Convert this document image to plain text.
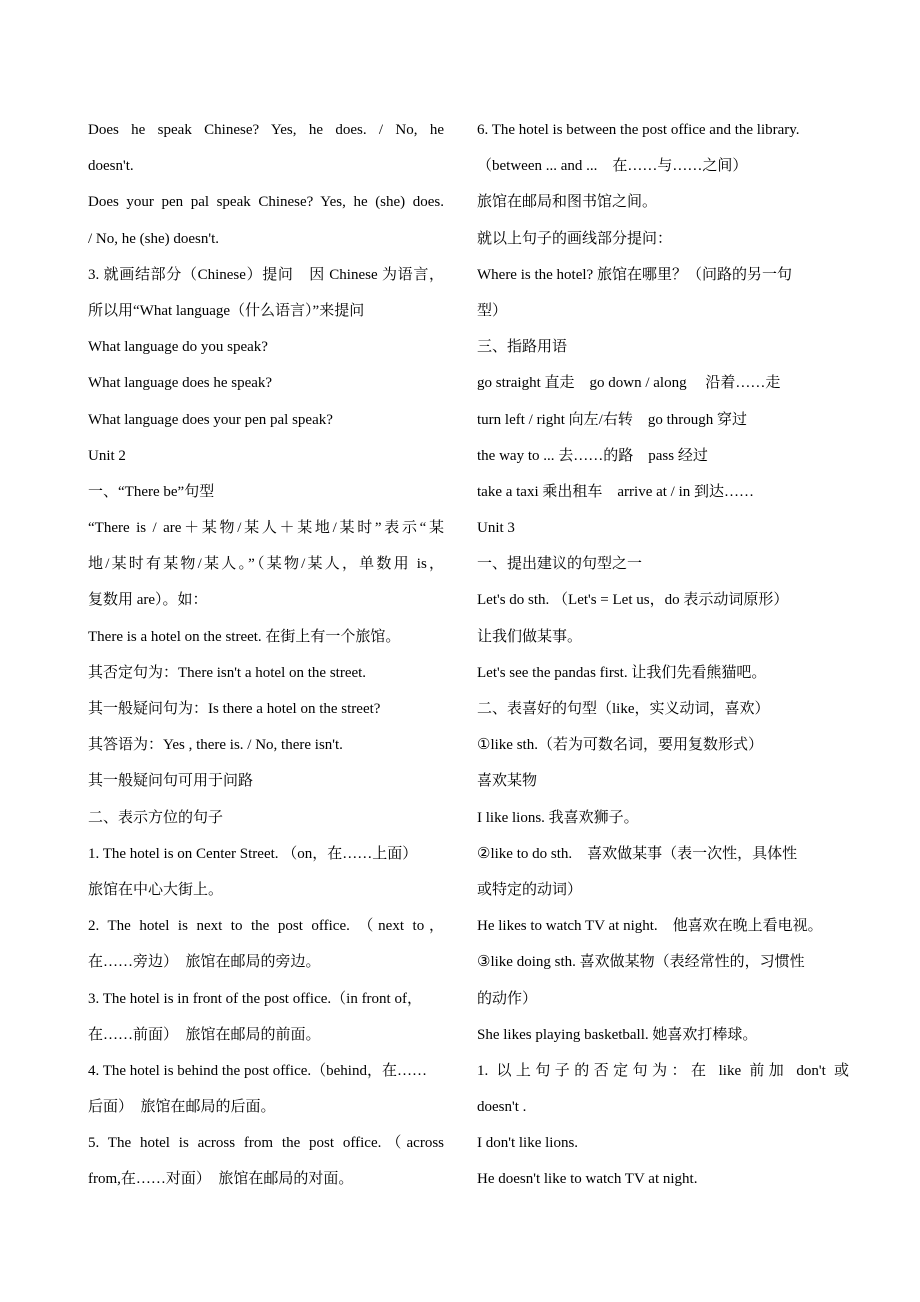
Does he speak Chinese? Yes, he does. / No, he
doesn't.
Does your pen pal speak Chinese? Yes, he (she) does.
/ No, he (she) doesn't.
3. 就画结部分（Chinese）提问　因 Chinese 为语言，
所以用“What language（什么语言）”来提问
What language do you speak?
What language does he speak?
What language does your pen pal speak?
Unit 2
一、“There be”句型
“There is / are＋某物/某人＋某地/某时”表示“某
地/某时有某物/某人。”（某物/某人，单数用 is，
复数用 are）。如：
There is a hotel on the street. 在街上有一个旅馆。
其否定句为：There isn't a hotel on the street.
其一般疑问句为：Is there a hotel on the street?
其答语为：Yes , there is. / No, there isn't.
其一般疑问句可用于问路
二、表示方位的句子
1. The hotel is on Center Street. （on，在……上面）
旅馆在中心大街上。
2. The hotel is next to the post office. （next to，
在……旁边）　旅馆在邮局的旁边。
3. The hotel is in front of the post office.（in front of，
在……前面）　旅馆在邮局的前面。
4. The hotel is behind the post office.（behind，在……
后面）　旅馆在邮局的后面。
5. The hotel is across from the post office.（across
from,在……对面）　旅馆在邮局的对面。
6. The hotel is between the post office and the library.
（between ... and ...　在……与……之间）
旅馆在邮局和图书馆之间。
就以上句子的画线部分提问：
Where is the hotel? 旅馆在哪里？（问路的另一句
型）
三、指路用语
go straight 直走　go down / along　 沿着……走
turn left / right 向左/右转　go through 穿过
the way to ... 去……的路　pass 经过
take a taxi 乘出租车　arrive at / in 到达……
Unit 3
一、提出建议的句型之一
Let's do sth. （Let's = Let us，do 表示动词原形）
让我们做某事。
Let's see the pandas first. 让我们先看熊猫吧。
二、表喜好的句型（like，实义动词，喜欢）
①like sth.（若为可数名词，要用复数形式）
喜欢某物
I like lions. 我喜欢狮子。
②like to do sth.　喜欢做某事（表一次性，具体性
或特定的动词）
He likes to watch TV at night.　他喜欢在晚上看电视。
③like doing sth. 喜欢做某物（表经常性的，习惯性
的动作）
She likes playing basketball. 她喜欢打棒球。
1. 以上句子的否定句为：在 like 前加 don't 或
doesn't .
I don't like lions.
He doesn't like to watch TV at night.
